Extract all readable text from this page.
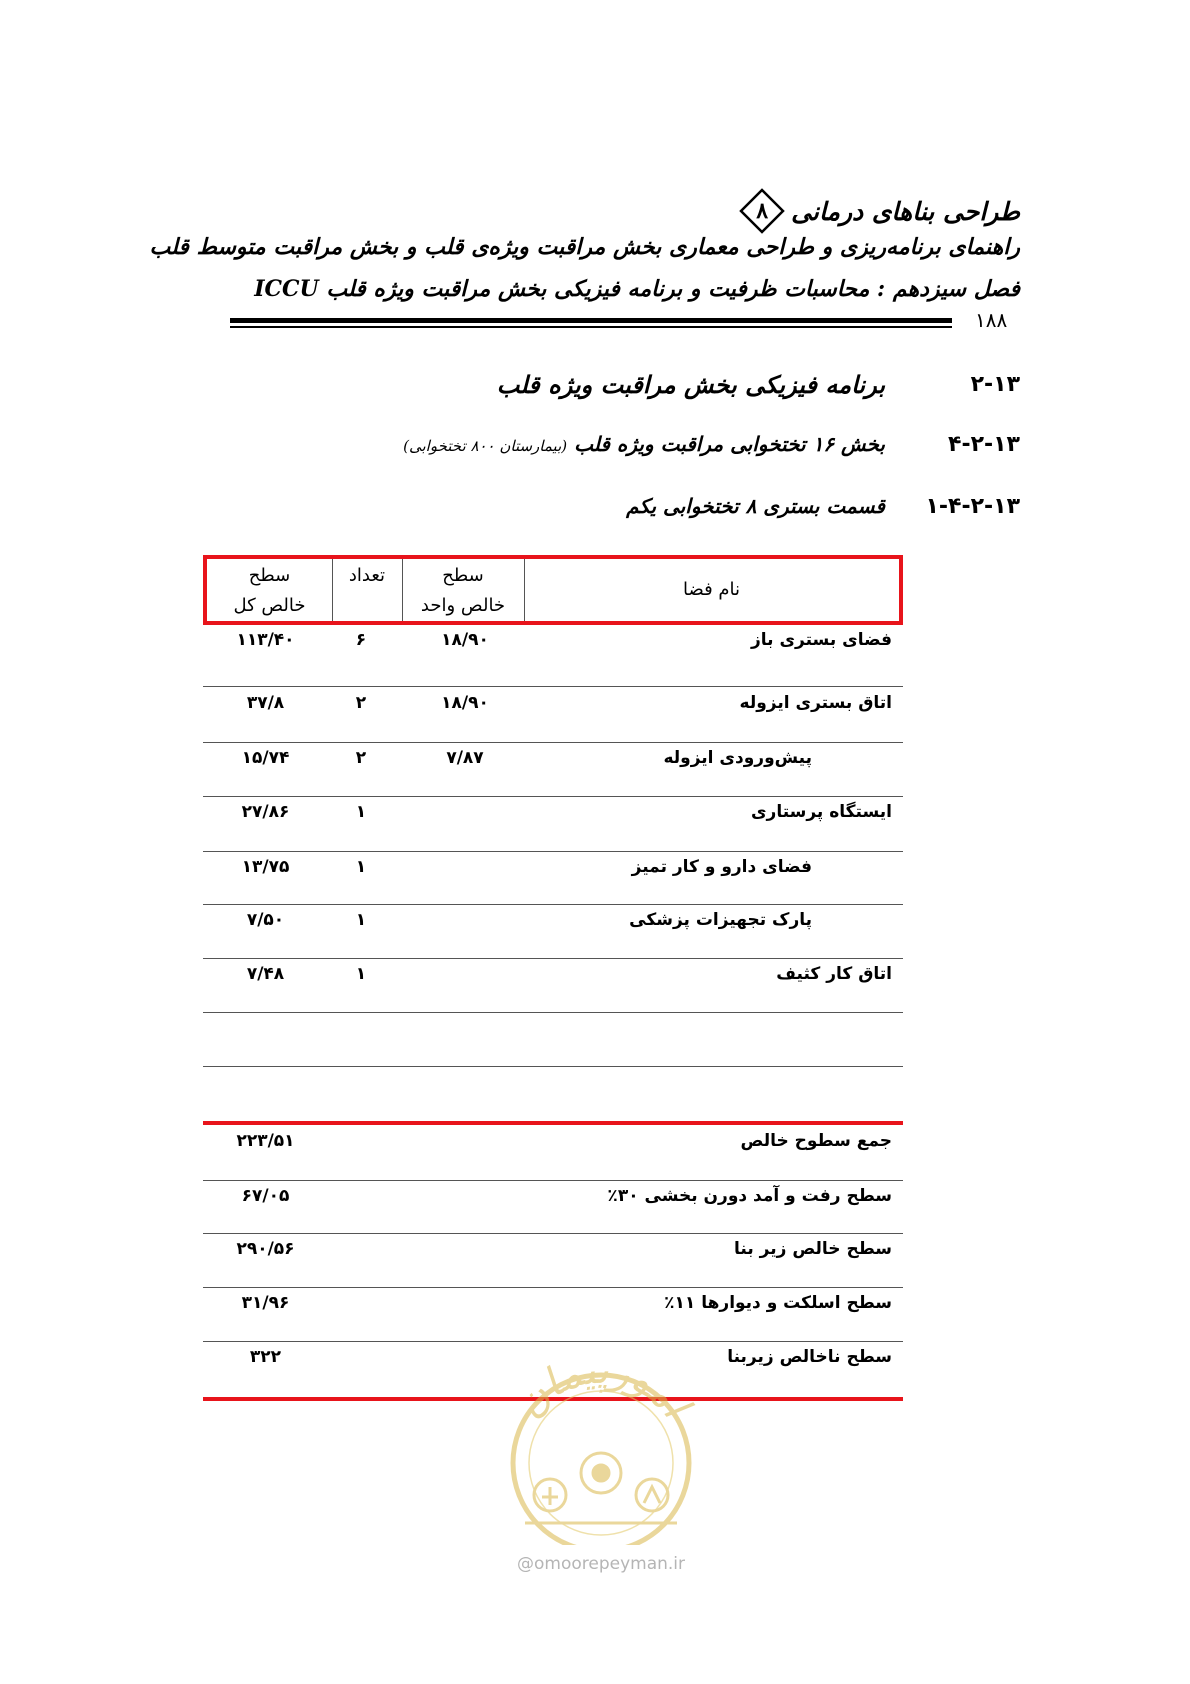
طراحی بناهای درمانی
۸
راهنمای برنامه‌ریزی و طراحی معماری بخش مراقبت ویژه‌ی قلب و بخش مراقبت متوسط قلب
فصل سیزدهم : محاسبات ظرفیت و برنامه فیزیکی بخش مراقبت ویژه قلب ICCU
۱۸۸
۲-۱۳
برنامه فیزیکی بخش مراقبت ویژه قلب
۴-۲-۱۳
بخش ۱۶ تختخوابی مراقبت ویژه قلب (بیمارستان ۸۰۰ تختخوابی)
۱-۴-۲-۱۳
قسمت بستری ۸ تختخوابی یکم
سطح
خالص کل
تعداد	سطح
خالص واحد
نام فضا
فضای بستری باز
۱۸/۹۰
۶
۱۱۳/۴۰
اتاق بستری ایزوله
۱۸/۹۰
۲
۳۷/۸
پیش‌ورودی ایزوله
۷/۸۷
۲
۱۵/۷۴
ایستگاه پرستاری
۱
۲۷/۸۶
فضای دارو و کار تمیز
۱
۱۳/۷۵
پارک تجهیزات پزشکی
۱
۷/۵۰
اتاق کار کثیف
۱
۷/۴۸
جمع سطوح خالص
۲۲۳/۵۱
سطح رفت و آمد دورن بخشی ۳۰٪
۶۷/۰۵
سطح خالص زیر بنا
۲۹۰/۵۶
سطح اسلکت و دیوارها ۱۱٪
۳۱/۹۶
سطح ناخالص زیربنا
۳۲۲
امورپیمان
@omoorepeyman.ir
